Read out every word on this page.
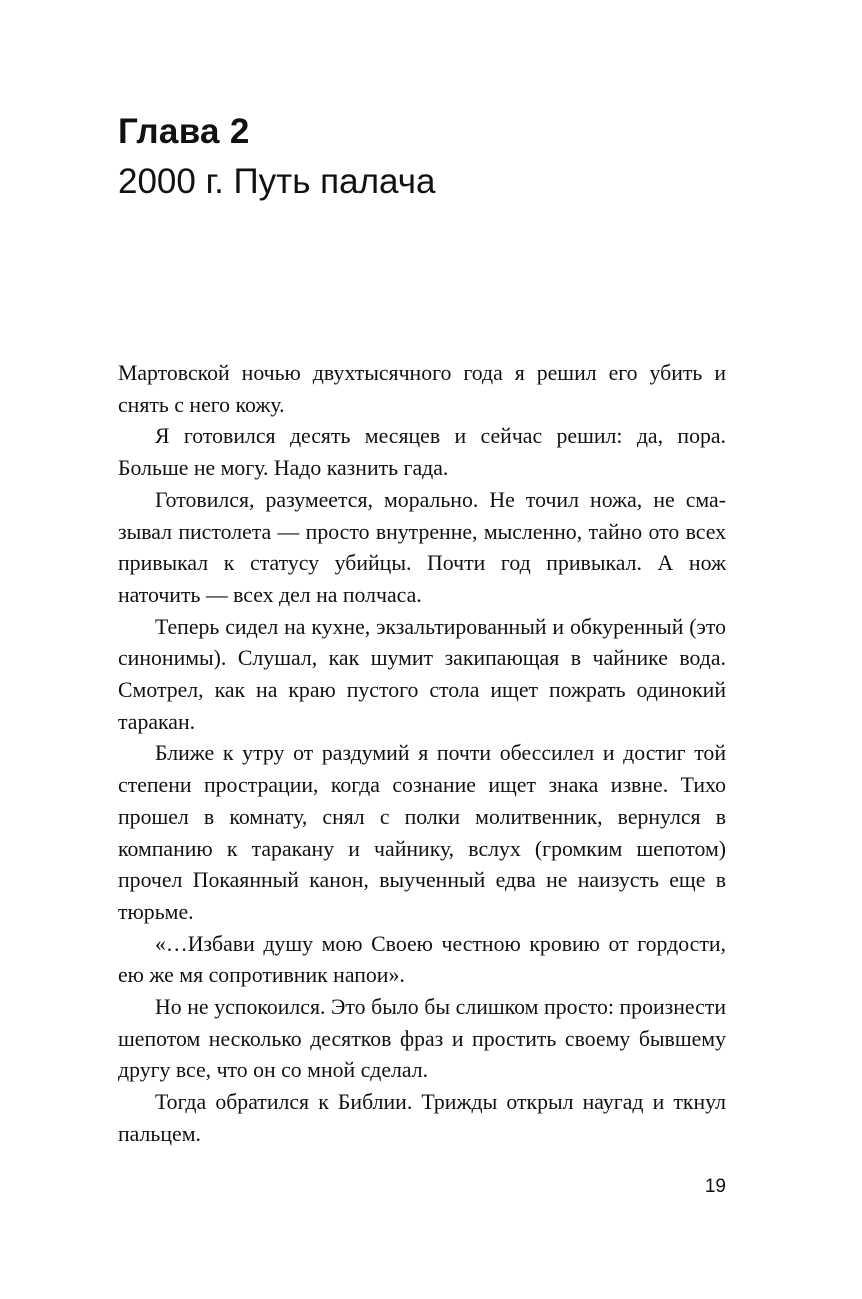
Глава 2
2000 г. Путь палача

Мартовской ночью двухтысячного года я решил его убить и снять с него кожу.

Я готовился десять месяцев и сейчас решил: да, пора. Больше не могу. Надо казнить гада.

Готовился, разумеется, морально. Не точил ножа, не смазывал пистолета — просто внутренне, мысленно, тайно ото всех привыкал к статусу убийцы. Почти год привыкал. А нож наточить — всех дел на полчаса.

Теперь сидел на кухне, экзальтированный и обкуренный (это синонимы). Слушал, как шумит закипающая в чайнике вода. Смотрел, как на краю пустого стола ищет пожрать одинокий таракан.

Ближе к утру от раздумий я почти обессилел и достиг той степени прострации, когда сознание ищет знака извне. Тихо прошел в комнату, снял с полки молитвенник, вернулся в компанию к таракану и чайнику, вслух (громким шепотом) прочел Покаянный канон, выученный едва не наизусть еще в тюрьме.

«…Избави душу мою Своею честною кровию от гордости, ею же мя сопротивник напои».

Но не успокоился. Это было бы слишком просто: произнести шепотом несколько десятков фраз и простить своему бывшему другу все, что он со мной сделал.

Тогда обратился к Библии. Трижды открыл наугад и ткнул пальцем.

19
